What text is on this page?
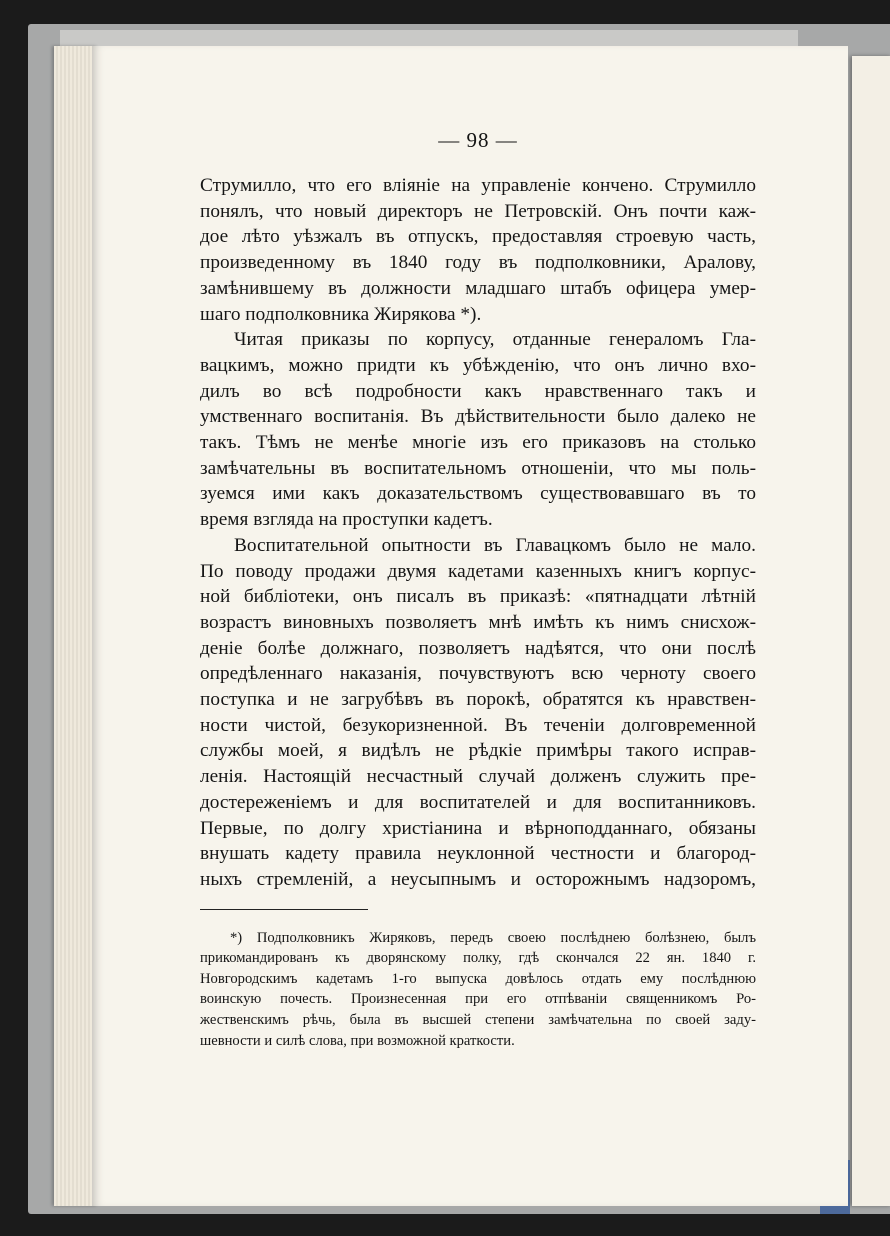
— 98 —

Струмилло, что его вліяніе на управленіе кончено. Струмилло
понялъ, что новый директоръ не Петровскій. Онъ почти каж-
дое лѣто уѣзжалъ въ отпускъ, предоставляя строевую часть,
произведенному въ 1840 году въ подполковники, Аралову,
замѣнившему въ должности младшаго штабъ офицера умер-
шаго подполковника Жирякова *).

Читая приказы по корпусу, отданные генераломъ Гла-
вацкимъ, можно придти къ убѣжденію, что онъ лично вхо-
дилъ во всѣ подробности какъ нравственнаго такъ и
умственнаго воспитанія. Въ дѣйствительности было далеко не
такъ. Тѣмъ не менѣе многіе изъ его приказовъ на столько
замѣчательны въ воспитательномъ отношеніи, что мы поль-
зуемся ими какъ доказательствомъ существовавшаго въ то
время взгляда на проступки кадетъ.

Воспитательной опытности въ Главацкомъ было не мало.
По поводу продажи двумя кадетами казенныхъ книгъ корпус-
ной библіотеки, онъ писалъ въ приказѣ: «пятнадцати лѣтній
возрастъ виновныхъ позволяетъ мнѣ имѣть къ нимъ снисхож-
деніе болѣе должнаго, позволяетъ надѣятся, что они послѣ
опредѣленнаго наказанія, почувствуютъ всю черноту своего
поступка и не загрубѣвъ въ порокѣ, обратятся къ нравствен-
ности чистой, безукоризненной. Въ теченіи долговременной
службы моей, я видѣлъ не рѣдкіе примѣры такого исправ-
ленія. Настоящій несчастный случай долженъ служить пре-
достереженіемъ и для воспитателей и для воспитанниковъ.
Первые, по долгу христіанина и вѣрноподданнаго, обязаны
внушать кадету правила неуклонной честности и благород-
ныхъ стремленій, а неусыпнымъ и осторожнымъ надзоромъ,

*) Подполковникъ Жиряковъ, передъ своею послѣднею болѣзнею, былъ
прикомандированъ къ дворянскому полку, гдѣ скончался 22 ян. 1840 г.
Новгородскимъ кадетамъ 1-го выпуска довѣлось отдать ему послѣднюю
воинскую почесть. Произнесенная при его отпѣваніи священникомъ Ро-
жественскимъ рѣчь, была въ высшей степени замѣчательна по своей заду-
шевности и силѣ слова, при возможной краткости.
